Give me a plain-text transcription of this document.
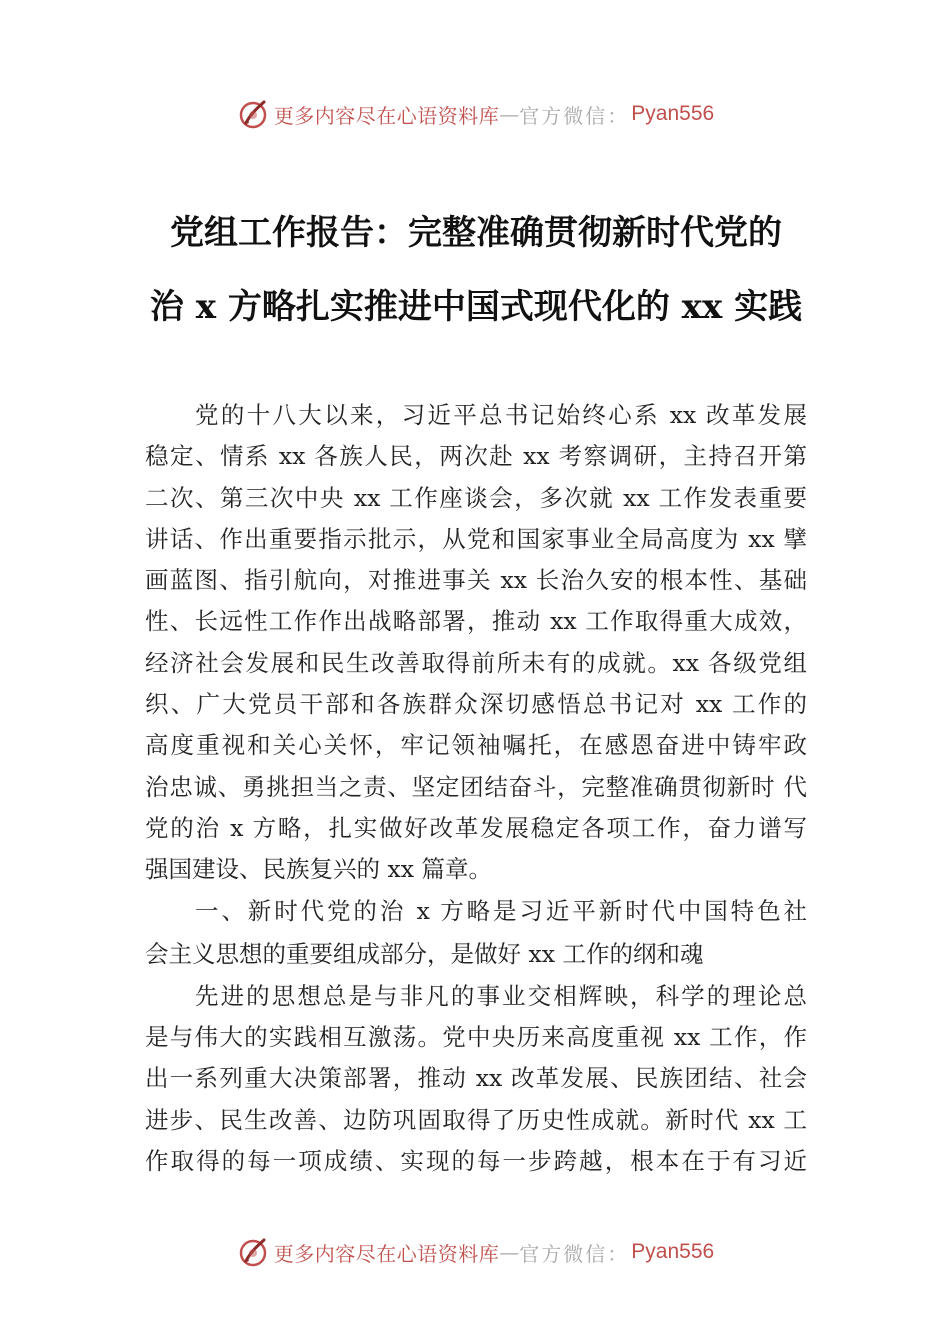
更多内容尽在心语资料库 — 官方微信： Pyan556
党组工作报告：完整准确贯彻新时代党的
治 x 方略扎实推进中国式现代化的 xx 实践
党的十八大以来，习近平总书记始终心系 xx 改革发展
稳定、情系 xx 各族人民，两次赴 xx 考察调研，主持召开第
二次、第三次中央 xx 工作座谈会，多次就 xx 工作发表重要
讲话、作出重要指示批示，从党和国家事业全局高度为 xx 擘
画蓝图、指引航向，对推进事关 xx 长治久安的根本性、基础
性、长远性工作作出战略部署，推动 xx 工作取得重大成效，
经济社会发展和民生改善取得前所未有的成就。xx 各级党组
织、广大党员干部和各族群众深切感悟总书记对 xx 工作的
高度重视和关心关怀，牢记领袖嘱托，在感恩奋进中铸牢政
治忠诚、勇挑担当之责、坚定团结奋斗，完整准确贯彻新时 代
党的治 x 方略，扎实做好改革发展稳定各项工作，奋力谱写
强国建设、民族复兴的 xx 篇章。
一、新时代党的治 x 方略是习近平新时代中国特色社
会主义思想的重要组成部分，是做好 xx 工作的纲和魂
先进的思想总是与非凡的事业交相辉映，科学的理论总
是与伟大的实践相互激荡。党中央历来高度重视 xx 工作，作
出一系列重大决策部署，推动 xx 改革发展、民族团结、社会
进步、民生改善、边防巩固取得了历史性成就。新时代 xx 工
作取得的每一项成绩、实现的每一步跨越，根本在于有习近
更多内容尽在心语资料库 — 官方微信： Pyan556
